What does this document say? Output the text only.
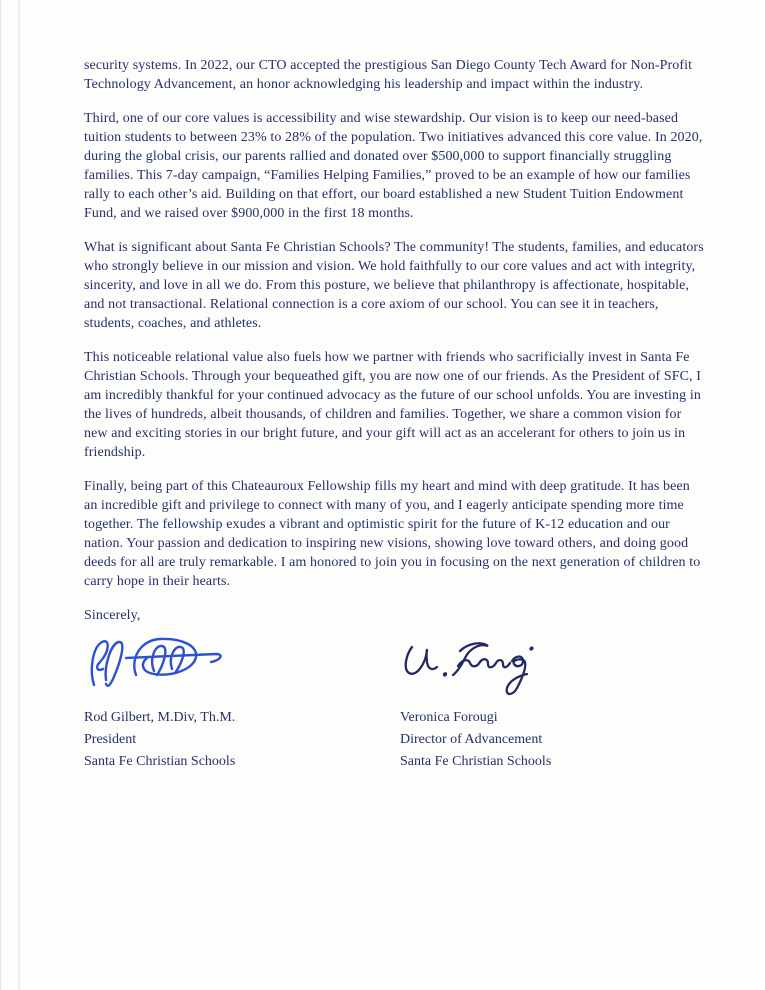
security systems. In 2022, our CTO accepted the prestigious San Diego County Tech Award for Non-Profit Technology Advancement, an honor acknowledging his leadership and impact within the industry.

Third, one of our core values is accessibility and wise stewardship. Our vision is to keep our need-based tuition students to between 23% to 28% of the population. Two initiatives advanced this core value. In 2020, during the global crisis, our parents rallied and donated over $500,000 to support financially struggling families. This 7-day campaign, “Families Helping Families,” proved to be an example of how our families rally to each other’s aid. Building on that effort, our board established a new Student Tuition Endowment Fund, and we raised over $900,000 in the first 18 months.

What is significant about Santa Fe Christian Schools? The community! The students, families, and educators who strongly believe in our mission and vision. We hold faithfully to our core values and act with integrity, sincerity, and love in all we do. From this posture, we believe that philanthropy is affectionate, hospitable, and not transactional. Relational connection is a core axiom of our school. You can see it in teachers, students, coaches, and athletes.

This noticeable relational value also fuels how we partner with friends who sacrificially invest in Santa Fe Christian Schools. Through your bequeathed gift, you are now one of our friends. As the President of SFC, I am incredibly thankful for your continued advocacy as the future of our school unfolds. You are investing in the lives of hundreds, albeit thousands, of children and families. Together, we share a common vision for new and exciting stories in our bright future, and your gift will act as an accelerant for others to join us in friendship.

Finally, being part of this Chateauroux Fellowship fills my heart and mind with deep gratitude. It has been an incredible gift and privilege to connect with many of you, and I eagerly anticipate spending more time together. The fellowship exudes a vibrant and optimistic spirit for the future of K-12 education and our nation. Your passion and dedication to inspiring new visions, showing love toward others, and doing good deeds for all are truly remarkable. I am honored to join you in focusing on the next generation of children to carry hope in their hearts.

Sincerely,

Rod Gilbert, M.Div, Th.M.
President
Santa Fe Christian Schools
Veronica Forougi
Director of Advancement
Santa Fe Christian Schools
